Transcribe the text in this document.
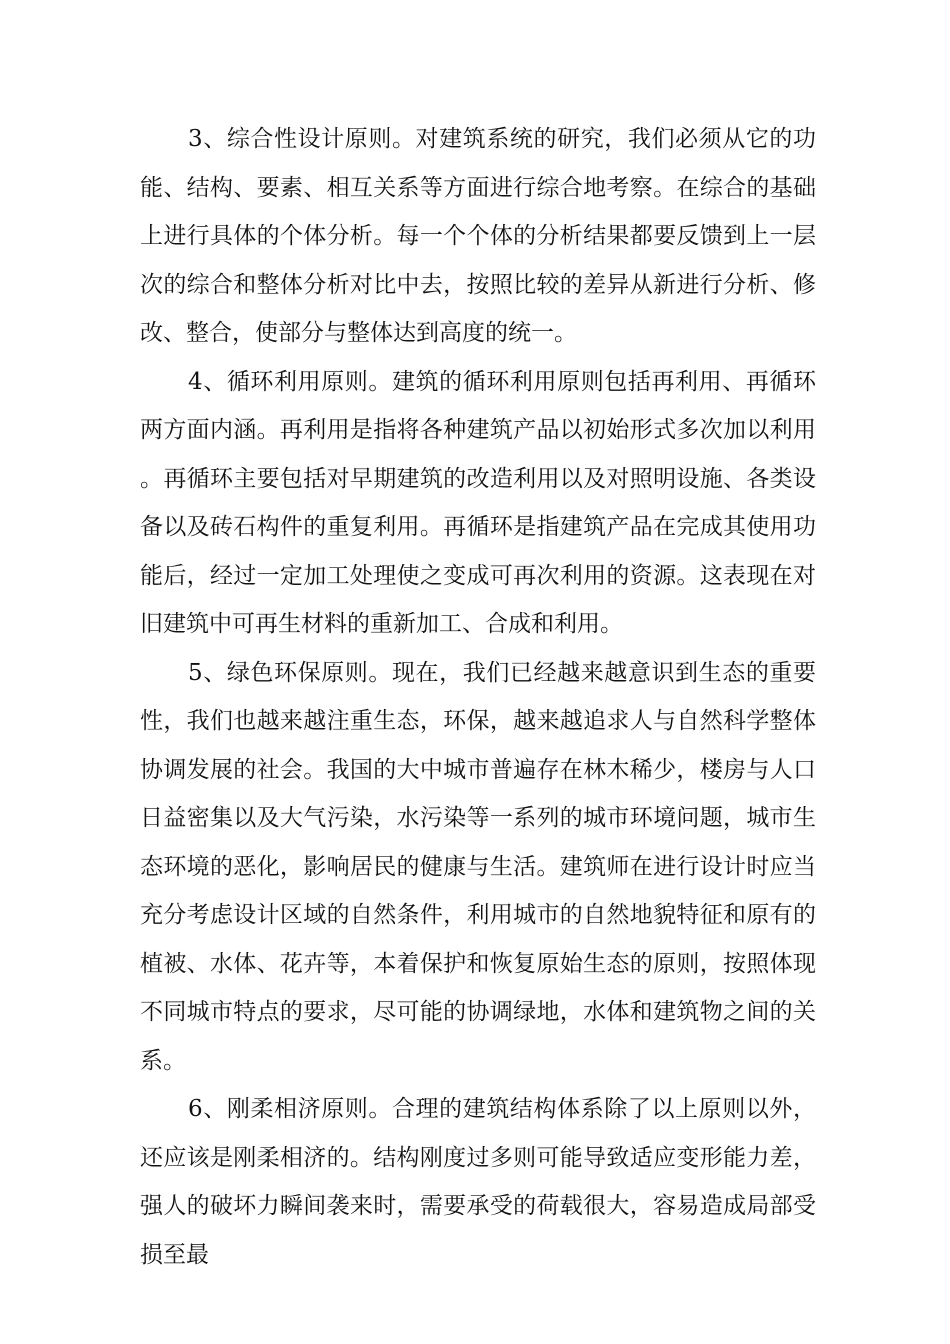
3、综合性设计原则。对建筑系统的研究，我们必须从它的功能、结构、要素、相互关系等方面进行综合地考察。在综合的基础上进行具体的个体分析。每一个个体的分析结果都要反馈到上一层次的综合和整体分析对比中去，按照比较的差异从新进行分析、修改、整合，使部分与整体达到高度的统一。

4、循环利用原则。建筑的循环利用原则包括再利用、再循环两方面内涵。再利用是指将各种建筑产品以初始形式多次加以利用。再循环主要包括对早期建筑的改造利用以及对照明设施、各类设备以及砖石构件的重复利用。再循环是指建筑产品在完成其使用功能后，经过一定加工处理使之变成可再次利用的资源。这表现在对旧建筑中可再生材料的重新加工、合成和利用。

5、绿色环保原则。现在，我们已经越来越意识到生态的重要性，我们也越来越注重生态，环保，越来越追求人与自然科学整体协调发展的社会。我国的大中城市普遍存在林木稀少，楼房与人口日益密集以及大气污染，水污染等一系列的城市环境问题，城市生态环境的恶化，影响居民的健康与生活。建筑师在进行设计时应当充分考虑设计区域的自然条件，利用城市的自然地貌特征和原有的植被、水体、花卉等，本着保护和恢复原始生态的原则，按照体现不同城市特点的要求，尽可能的协调绿地，水体和建筑物之间的关系。

6、刚柔相济原则。合理的建筑结构体系除了以上原则以外，还应该是刚柔相济的。结构刚度过多则可能导致适应变形能力差，强人的破坏力瞬间袭来时，需要承受的荷载很大，容易造成局部受损至最
